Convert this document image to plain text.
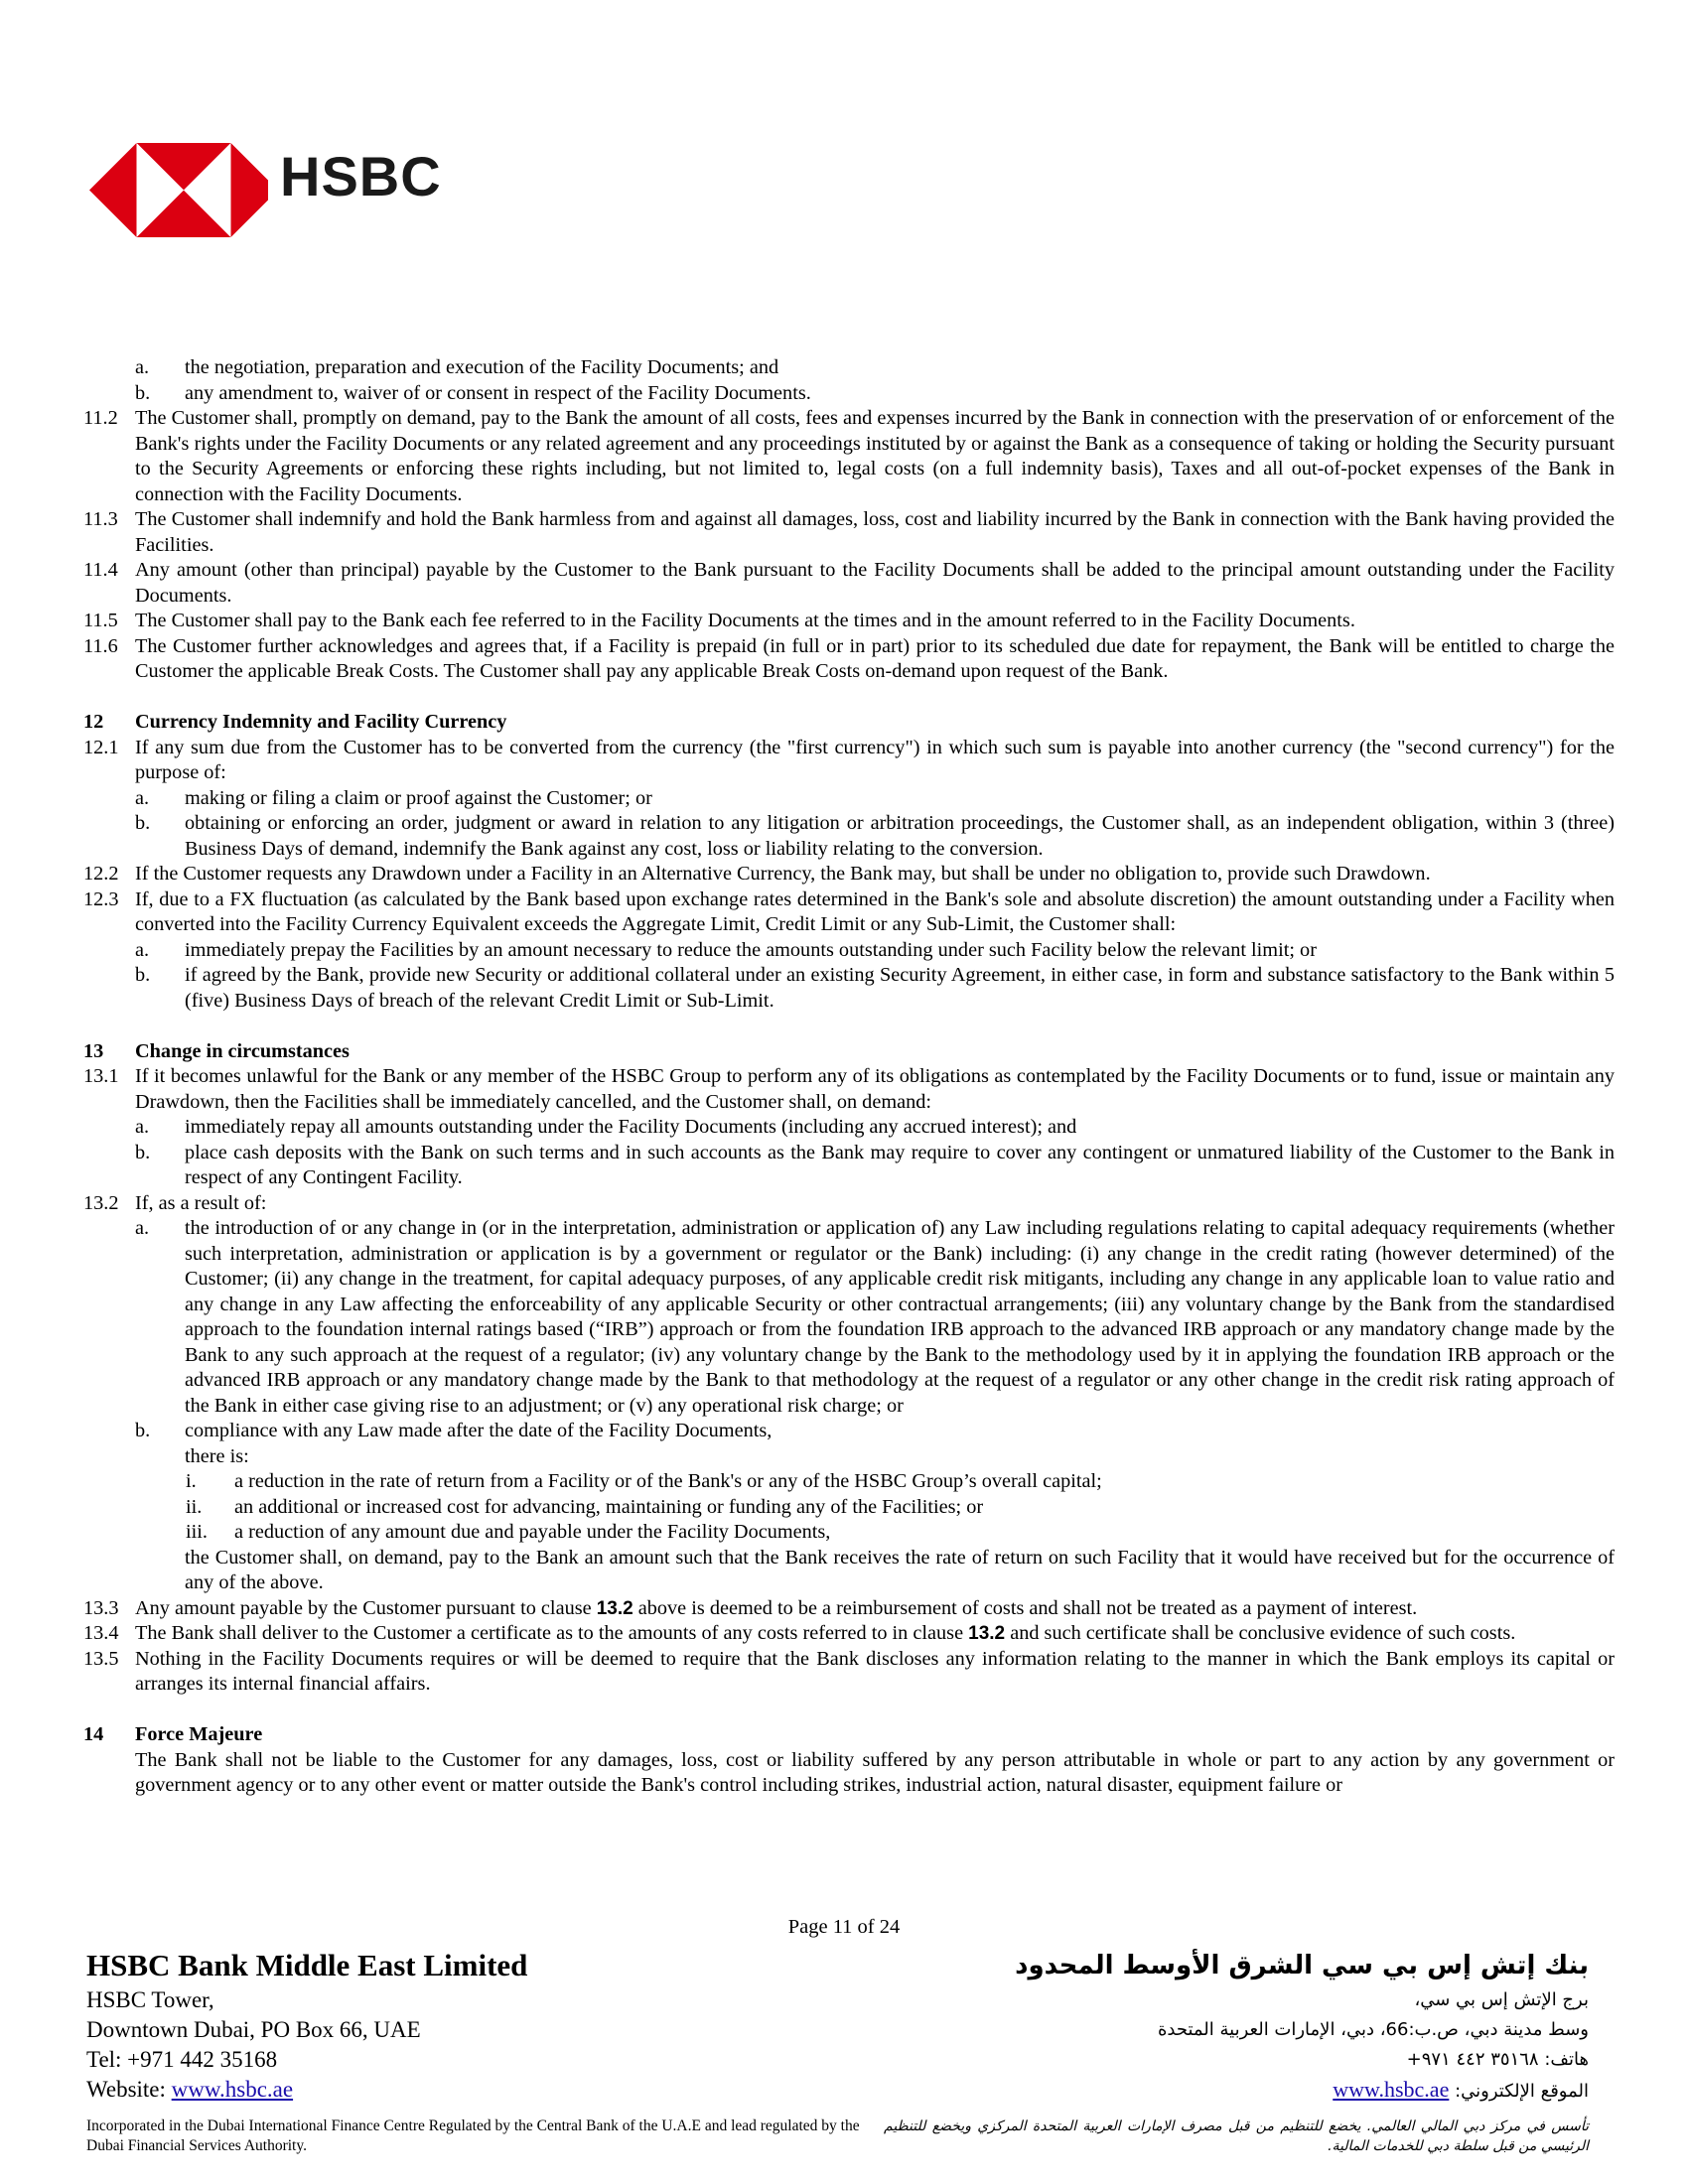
HSBC
a. the negotiation, preparation and execution of the Facility Documents; and
b. any amendment to, waiver of or consent in respect of the Facility Documents.
11.2 The Customer shall, promptly on demand, pay to the Bank the amount of all costs, fees and expenses incurred by the Bank in connection with the preservation of or enforcement of the Bank's rights under the Facility Documents or any related agreement and any proceedings instituted by or against the Bank as a consequence of taking or holding the Security pursuant to the Security Agreements or enforcing these rights including, but not limited to, legal costs (on a full indemnity basis), Taxes and all out-of-pocket expenses of the Bank in connection with the Facility Documents.
11.3 The Customer shall indemnify and hold the Bank harmless from and against all damages, loss, cost and liability incurred by the Bank in connection with the Bank having provided the Facilities.
11.4 Any amount (other than principal) payable by the Customer to the Bank pursuant to the Facility Documents shall be added to the principal amount outstanding under the Facility Documents.
11.5 The Customer shall pay to the Bank each fee referred to in the Facility Documents at the times and in the amount referred to in the Facility Documents.
11.6 The Customer further acknowledges and agrees that, if a Facility is prepaid (in full or in part) prior to its scheduled due date for repayment, the Bank will be entitled to charge the Customer the applicable Break Costs. The Customer shall pay any applicable Break Costs on-demand upon request of the Bank.
12 Currency Indemnity and Facility Currency
12.1 If any sum due from the Customer has to be converted from the currency (the "first currency") in which such sum is payable into another currency (the "second currency") for the purpose of:
a. making or filing a claim or proof against the Customer; or
b. obtaining or enforcing an order, judgment or award in relation to any litigation or arbitration proceedings, the Customer shall, as an independent obligation, within 3 (three) Business Days of demand, indemnify the Bank against any cost, loss or liability relating to the conversion.
12.2 If the Customer requests any Drawdown under a Facility in an Alternative Currency, the Bank may, but shall be under no obligation to, provide such Drawdown.
12.3 If, due to a FX fluctuation (as calculated by the Bank based upon exchange rates determined in the Bank's sole and absolute discretion) the amount outstanding under a Facility when converted into the Facility Currency Equivalent exceeds the Aggregate Limit, Credit Limit or any Sub-Limit, the Customer shall:
a. immediately prepay the Facilities by an amount necessary to reduce the amounts outstanding under such Facility below the relevant limit; or
b. if agreed by the Bank, provide new Security or additional collateral under an existing Security Agreement, in either case, in form and substance satisfactory to the Bank within 5 (five) Business Days of breach of the relevant Credit Limit or Sub-Limit.
13 Change in circumstances
13.1 If it becomes unlawful for the Bank or any member of the HSBC Group to perform any of its obligations as contemplated by the Facility Documents or to fund, issue or maintain any Drawdown, then the Facilities shall be immediately cancelled, and the Customer shall, on demand:
a. immediately repay all amounts outstanding under the Facility Documents (including any accrued interest); and
b. place cash deposits with the Bank on such terms and in such accounts as the Bank may require to cover any contingent or unmatured liability of the Customer to the Bank in respect of any Contingent Facility.
13.2 If, as a result of:
a. the introduction of or any change in (or in the interpretation, administration or application of) any Law including regulations relating to capital adequacy requirements (whether such interpretation, administration or application is by a government or regulator or the Bank) including: (i) any change in the credit rating (however determined) of the Customer; (ii) any change in the treatment, for capital adequacy purposes, of any applicable credit risk mitigants, including any change in any applicable loan to value ratio and any change in any Law affecting the enforceability of any applicable Security or other contractual arrangements; (iii) any voluntary change by the Bank from the standardised approach to the foundation internal ratings based (“IRB”) approach or from the foundation IRB approach to the advanced IRB approach or any mandatory change made by the Bank to any such approach at the request of a regulator; (iv) any voluntary change by the Bank to the methodology used by it in applying the foundation IRB approach or the advanced IRB approach or any mandatory change made by the Bank to that methodology at the request of a regulator or any other change in the credit risk rating approach of the Bank in either case giving rise to an adjustment; or (v) any operational risk charge; or
b. compliance with any Law made after the date of the Facility Documents,
there is:
i. a reduction in the rate of return from a Facility or of the Bank's or any of the HSBC Group’s overall capital;
ii. an additional or increased cost for advancing, maintaining or funding any of the Facilities; or
iii. a reduction of any amount due and payable under the Facility Documents,
the Customer shall, on demand, pay to the Bank an amount such that the Bank receives the rate of return on such Facility that it would have received but for the occurrence of any of the above.
13.3 Any amount payable by the Customer pursuant to clause 13.2 above is deemed to be a reimbursement of costs and shall not be treated as a payment of interest.
13.4 The Bank shall deliver to the Customer a certificate as to the amounts of any costs referred to in clause 13.2 and such certificate shall be conclusive evidence of such costs.
13.5 Nothing in the Facility Documents requires or will be deemed to require that the Bank discloses any information relating to the manner in which the Bank employs its capital or arranges its internal financial affairs.
14 Force Majeure
The Bank shall not be liable to the Customer for any damages, loss, cost or liability suffered by any person attributable in whole or part to any action by any government or government agency or to any other event or matter outside the Bank's control including strikes, industrial action, natural disaster, equipment failure or
Page 11 of 24
HSBC Bank Middle East Limited
HSBC Tower,
Downtown Dubai, PO Box 66, UAE
Tel: +971 442 35168
Website: www.hsbc.ae
بنك إتش إس بي سي الشرق الأوسط المحدود
برج الإتش إس بي سي،
وسط مدينة دبي، ص.ب:66، دبي، الإمارات العربية المتحدة
هاتف: ٣٥١٦٨ ٤٤٢ ٩٧١+
الموقع الإلكتروني: www.hsbc.ae
Incorporated in the Dubai International Finance Centre Regulated by the Central Bank of the U.A.E and lead regulated by the Dubai Financial Services Authority.
تأسس في مركز دبي المالي العالمي. يخضع للتنظيم من قبل مصرف الإمارات العربية المتحدة المركزي ويخضع للتنظيم الرئيسي من قبل سلطة دبي للخدمات المالية.
